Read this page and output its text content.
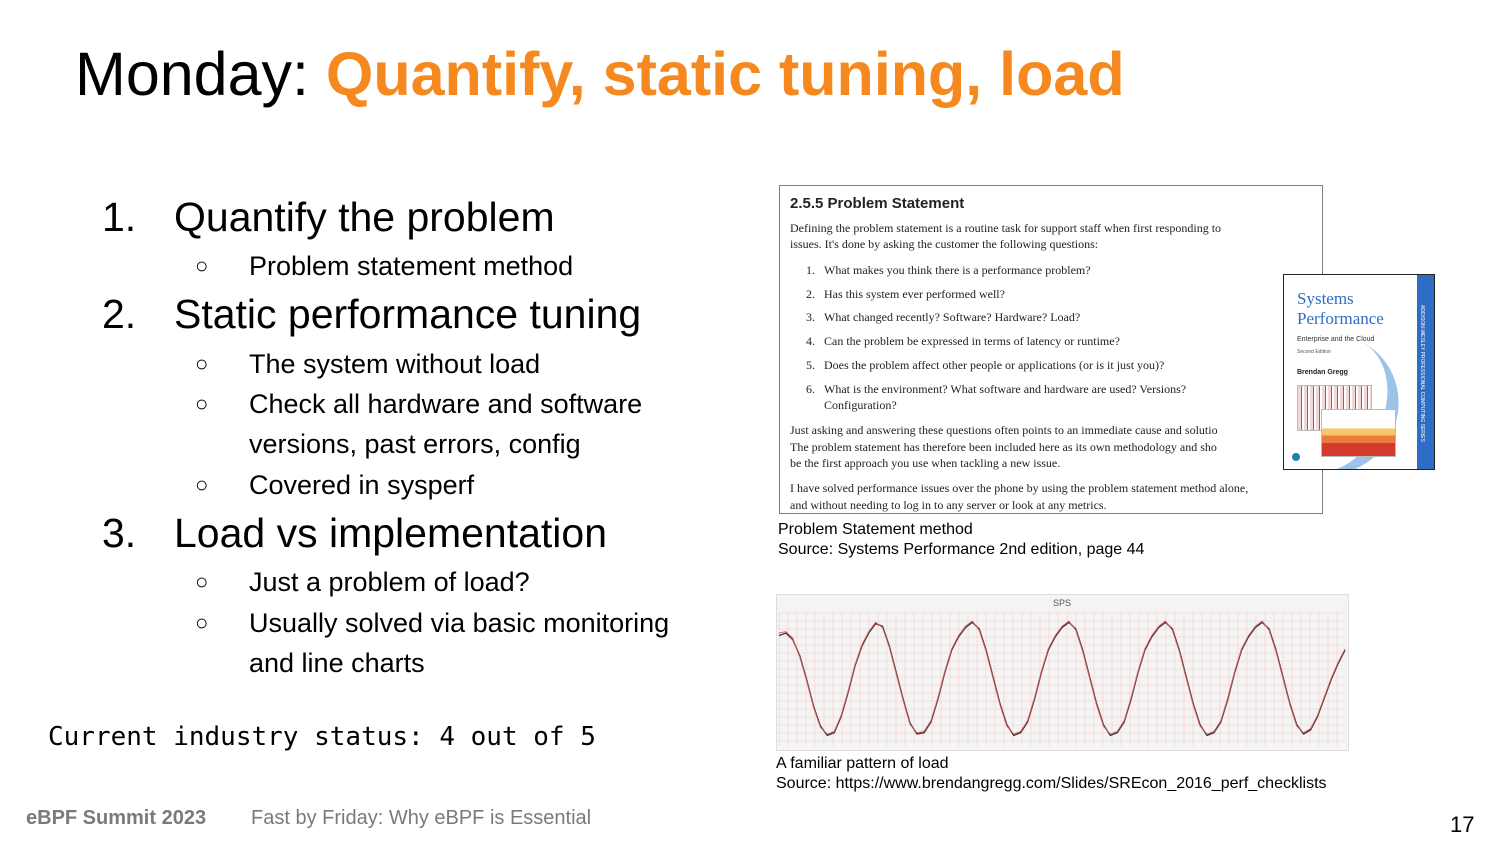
Monday: Quantify, static tuning, load
1. Quantify the problem
○ Problem statement method
2. Static performance tuning
○ The system without load
○ Check all hardware and software
versions, past errors, config
○ Covered in sysperf
3. Load vs implementation
○ Just a problem of load?
○ Usually solved via basic monitoring
and line charts
Current industry status: 4 out of 5
2.5.5 Problem Statement
Defining the problem statement is a routine task for support staff when first responding to
issues. It's done by asking the customer the following questions:
1. What makes you think there is a performance problem?
2. Has this system ever performed well?
3. What changed recently? Software? Hardware? Load?
4. Can the problem be expressed in terms of latency or runtime?
5. Does the problem affect other people or applications (or is it just you)?
6. What is the environment? What software and hardware are used? Versions?
Configuration?
Just asking and answering these questions often points to an immediate cause and solutio
The problem statement has therefore been included here as its own methodology and sho
be the first approach you use when tackling a new issue.
I have solved performance issues over the phone by using the problem statement method alone,
and without needing to log in to any server or look at any metrics.
Systems
Performance
Enterprise and the Cloud
Second Edition
Brendan Gregg	ADDISON-WESLEY PROFESSIONAL COMPUTING SERIES
Problem Statement method
Source: Systems Performance 2nd edition, page 44
SPS
A familiar pattern of load
Source: https://www.brendangregg.com/Slides/SREcon_2016_perf_checklists
eBPF Summit 2023 Fast by Friday: Why eBPF is Essential	17
